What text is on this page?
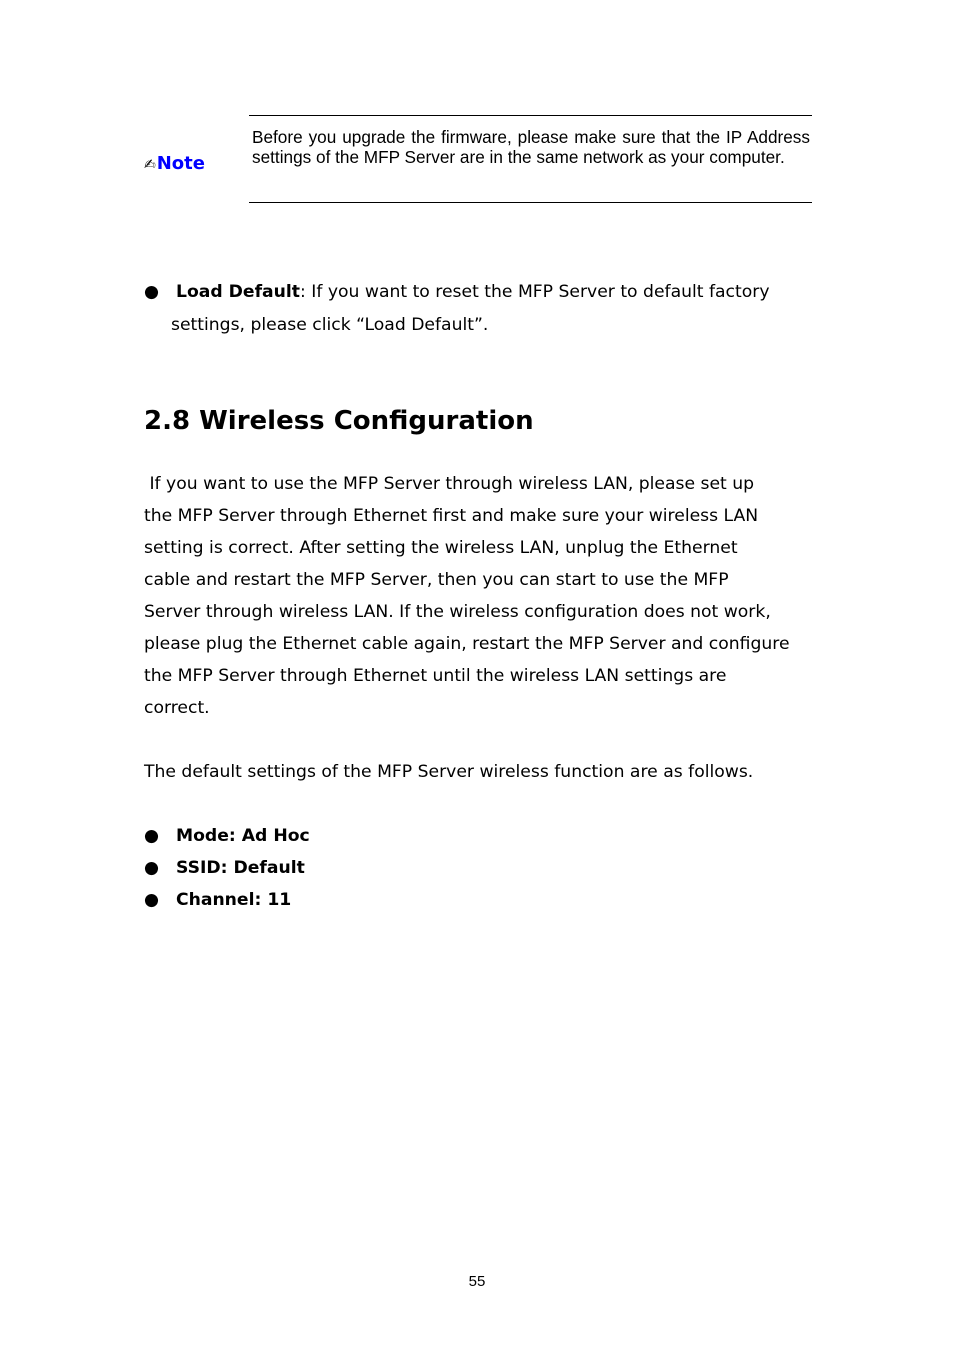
✍Note
Before you upgrade the firmware, please make sure that the IP Address settings of the MFP Server are in the same network as your computer.
● Load Default: If you want to reset the MFP Server to default factory
settings, please click “Load Default”.
2.8 Wireless Configuration
If you want to use the MFP Server through wireless LAN, please set up
the MFP Server through Ethernet first and make sure your wireless LAN
setting is correct. After setting the wireless LAN, unplug the Ethernet
cable and restart the MFP Server, then you can start to use the MFP
Server through wireless LAN. If the wireless configuration does not work,
please plug the Ethernet cable again, restart the MFP Server and configure
the MFP Server through Ethernet until the wireless LAN settings are
correct.
The default settings of the MFP Server wireless function are as follows.
● Mode: Ad Hoc
● SSID: Default
● Channel: 11
55
